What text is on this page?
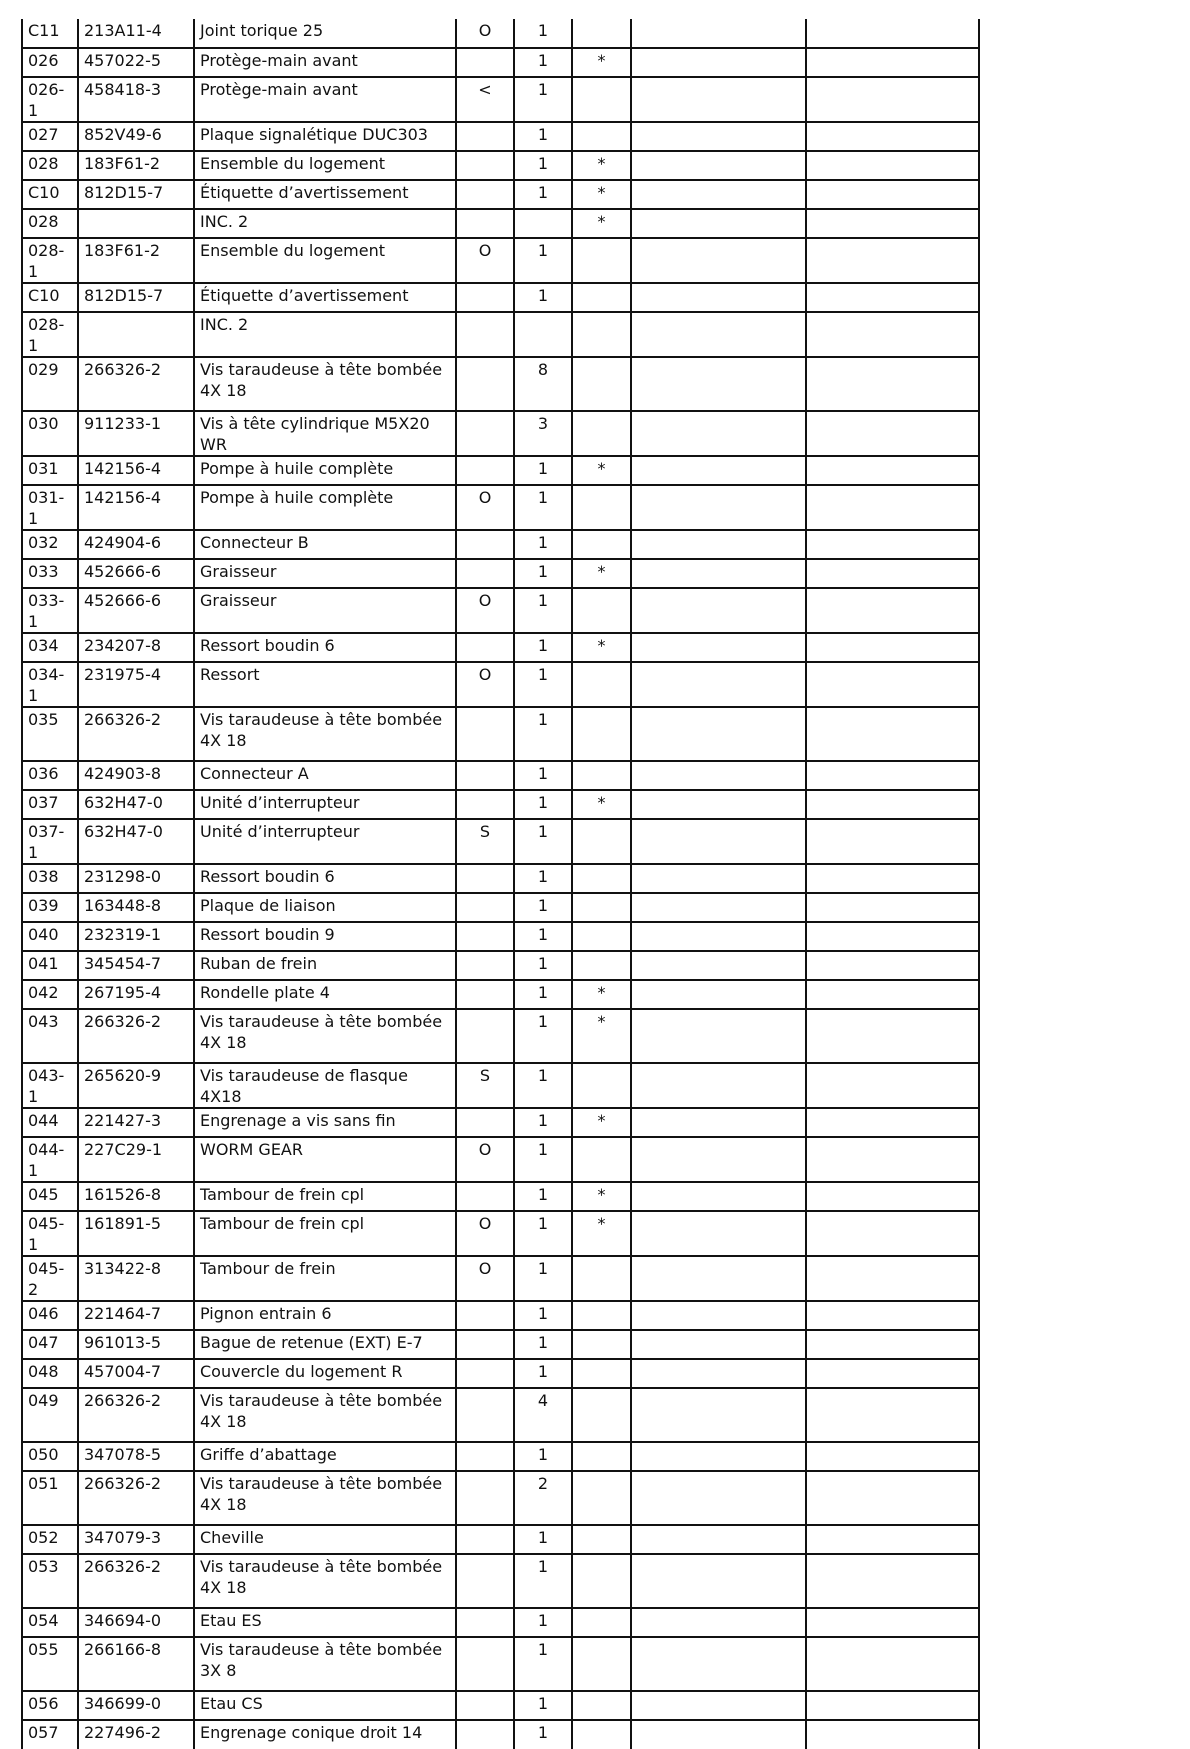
C11	213A11-4	Joint torique 25	O	1			
026	457022-5	Protège-main avant		1	*		
026-1	458418-3	Protège-main avant	<	1			
027	852V49-6	Plaque signalétique DUC303		1			
028	183F61-2	Ensemble du logement		1	*		
C10	812D15-7	Étiquette d’avertissement		1	*		
028		INC. 2			*		
028-1	183F61-2	Ensemble du logement	O	1			
C10	812D15-7	Étiquette d’avertissement		1			
028-1		INC. 2					
029	266326-2	Vis taraudeuse à tête bombée 4X 18		8			
030	911233-1	Vis à tête cylindrique M5X20 WR		3			
031	142156-4	Pompe à huile complète		1	*		
031-1	142156-4	Pompe à huile complète	O	1			
032	424904-6	Connecteur B		1			
033	452666-6	Graisseur		1	*		
033-1	452666-6	Graisseur	O	1			
034	234207-8	Ressort boudin 6		1	*		
034-1	231975-4	Ressort	O	1			
035	266326-2	Vis taraudeuse à tête bombée 4X 18		1			
036	424903-8	Connecteur A		1			
037	632H47-0	Unité d’interrupteur		1	*		
037-1	632H47-0	Unité d’interrupteur	S	1			
038	231298-0	Ressort boudin 6		1			
039	163448-8	Plaque de liaison		1			
040	232319-1	Ressort boudin 9		1			
041	345454-7	Ruban de frein		1			
042	267195-4	Rondelle plate 4		1	*		
043	266326-2	Vis taraudeuse à tête bombée 4X 18		1	*		
043-1	265620-9	Vis taraudeuse de flasque 4X18	S	1			
044	221427-3	Engrenage a vis sans fin		1	*		
044-1	227C29-1	WORM GEAR	O	1			
045	161526-8	Tambour de frein cpl		1	*		
045-1	161891-5	Tambour de frein cpl	O	1	*		
045-2	313422-8	Tambour de frein	O	1			
046	221464-7	Pignon entrain 6		1			
047	961013-5	Bague de retenue (EXT) E-7		1			
048	457004-7	Couvercle du logement R		1			
049	266326-2	Vis taraudeuse à tête bombée 4X 18		4			
050	347078-5	Griffe d’abattage		1			
051	266326-2	Vis taraudeuse à tête bombée 4X 18		2			
052	347079-3	Cheville		1			
053	266326-2	Vis taraudeuse à tête bombée 4X 18		1			
054	346694-0	Etau ES		1			
055	266166-8	Vis taraudeuse à tête bombée 3X 8		1			
056	346699-0	Etau CS		1			
057	227496-2	Engrenage conique droit 14		1			
